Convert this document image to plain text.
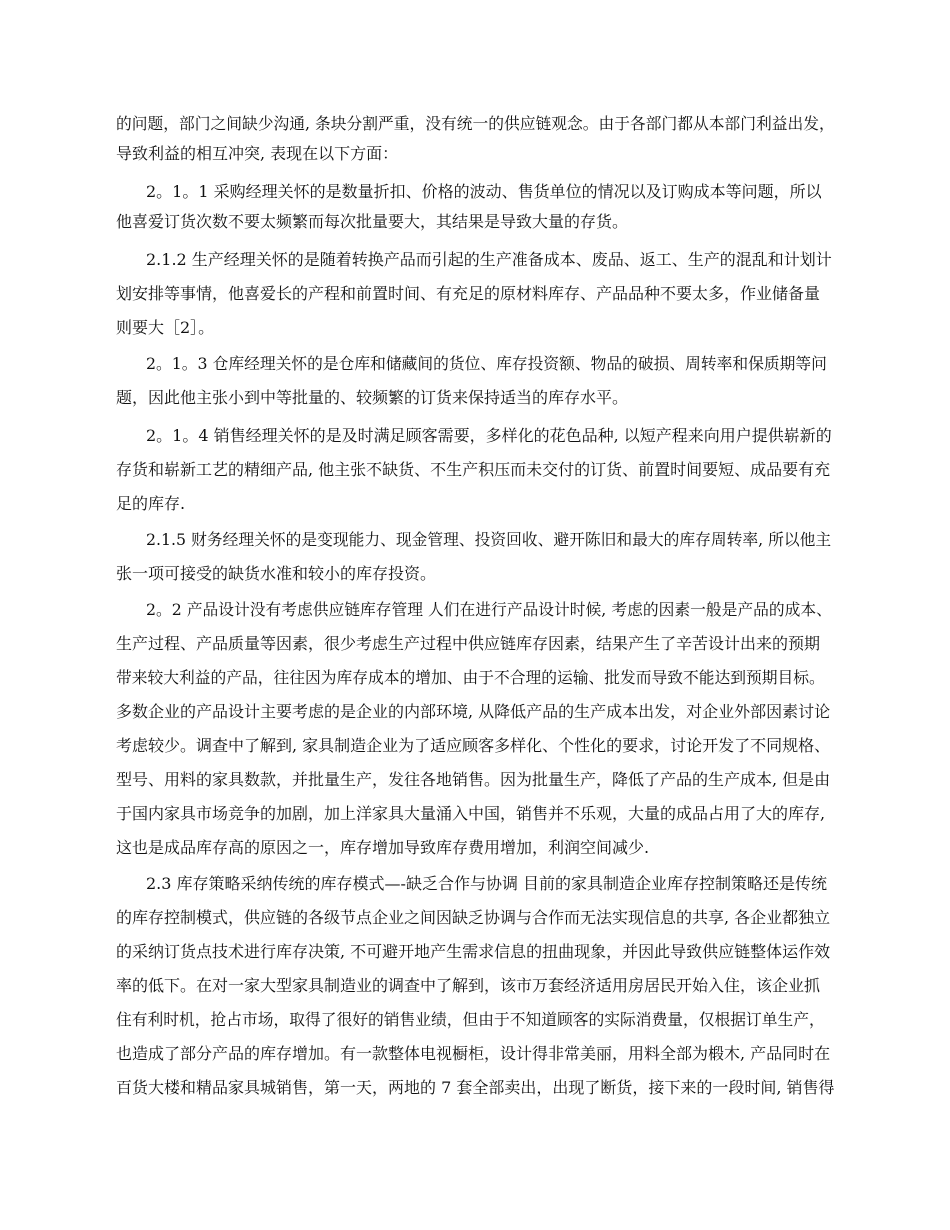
的问题，部门之间缺少沟通, 条块分割严重，没有统一的供应链观念。由于各部门都从本部门利益出发，

导致利益的相互冲突, 表现在以下方面：

2。1。1 采购经理关怀的是数量折扣、价格的波动、售货单位的情况以及订购成本等问题，所以

他喜爱订货次数不要太频繁而每次批量要大，其结果是导致大量的存货。

2.1.2 生产经理关怀的是随着转换产品而引起的生产准备成本、废品、返工、生产的混乱和计划计

划安排等事情，他喜爱长的产程和前置时间、有充足的原材料库存、产品品种不要太多，作业储备量

则要大［2］。

2。1。3 仓库经理关怀的是仓库和储藏间的货位、库存投资额、物品的破损、周转率和保质期等问

题，因此他主张小到中等批量的、较频繁的订货来保持适当的库存水平。

2。1。4 销售经理关怀的是及时满足顾客需要，多样化的花色品种, 以短产程来向用户提供崭新的

存货和崭新工艺的精细产品, 他主张不缺货、不生产积压而未交付的订货、前置时间要短、成品要有充

足的库存.

2.1.5 财务经理关怀的是变现能力、现金管理、投资回收、避开陈旧和最大的库存周转率, 所以他主

张一项可接受的缺货水准和较小的库存投资。

2。2 产品设计没有考虑供应链库存管理 人们在进行产品设计时候, 考虑的因素一般是产品的成本、

生产过程、产品质量等因素，很少考虑生产过程中供应链库存因素，结果产生了辛苦设计出来的预期

带来较大利益的产品，往往因为库存成本的增加、由于不合理的运输、批发而导致不能达到预期目标。

多数企业的产品设计主要考虑的是企业的内部环境, 从降低产品的生产成本出发，对企业外部因素讨论

考虑较少。调查中了解到, 家具制造企业为了适应顾客多样化、个性化的要求，讨论开发了不同规格、

型号、用料的家具数款，并批量生产，发往各地销售。因为批量生产，降低了产品的生产成本, 但是由

于国内家具市场竞争的加剧，加上洋家具大量涌入中国，销售并不乐观，大量的成品占用了大的库存,

这也是成品库存高的原因之一，库存增加导致库存费用增加，利润空间减少.

2.3 库存策略采纳传统的库存模式—-缺乏合作与协调 目前的家具制造企业库存控制策略还是传统

的库存控制模式，供应链的各级节点企业之间因缺乏协调与合作而无法实现信息的共享, 各企业都独立

的采纳订货点技术进行库存决策, 不可避开地产生需求信息的扭曲现象，并因此导致供应链整体运作效

率的低下。在对一家大型家具制造业的调查中了解到，该市万套经济适用房居民开始入住，该企业抓

住有利时机，抢占市场，取得了很好的销售业绩，但由于不知道顾客的实际消费量，仅根据订单生产，

也造成了部分产品的库存增加。有一款整体电视橱柜，设计得非常美丽，用料全部为椴木, 产品同时在

百货大楼和精品家具城销售，第一天，两地的 7 套全部卖出，出现了断货，接下来的一段时间, 销售得
